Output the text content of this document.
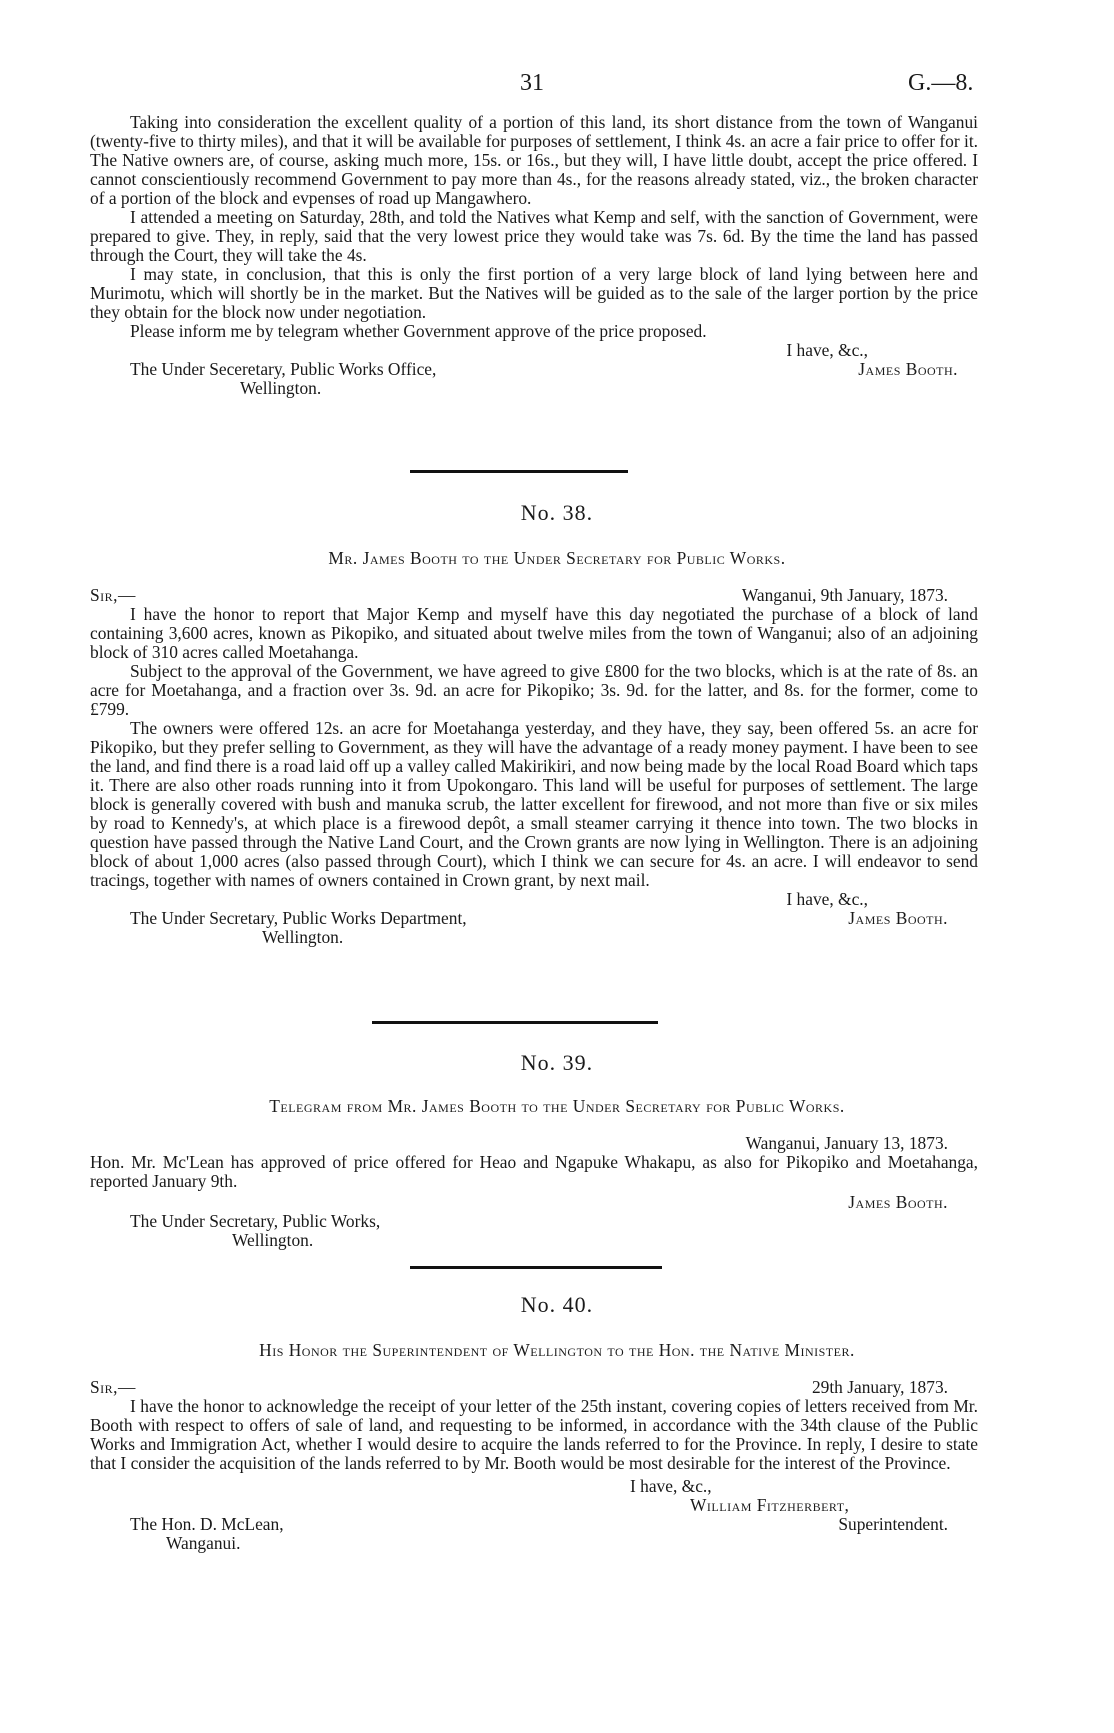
31	G.—8.

Taking into consideration the excellent quality of a portion of this land, its short distance from the town of Wanganui (twenty-five to thirty miles), and that it will be available for purposes of settlement, I think 4s. an acre a fair price to offer for it. The Native owners are, of course, asking much more, 15s. or 16s., but they will, I have little doubt, accept the price offered. I cannot conscientiously recommend Government to pay more than 4s., for the reasons already stated, viz., the broken character of a portion of the block and evpenses of road up Mangawhero.

I attended a meeting on Saturday, 28th, and told the Natives what Kemp and self, with the sanction of Government, were prepared to give. They, in reply, said that the very lowest price they would take was 7s. 6d. By the time the land has passed through the Court, they will take the 4s.

I may state, in conclusion, that this is only the first portion of a very large block of land lying between here and Murimotu, which will shortly be in the market. But the Natives will be guided as to the sale of the larger portion by the price they obtain for the block now under negotiation.

Please inform me by telegram whether Government approve of the price proposed.

I have, &c.,
The Under Seceretary, Public Works Office,
Wellington.
James Booth.
No. 38.
Mr. James Booth to the Under Secretary for Public Works.
Sir,—	Wanganui, 9th January, 1873.

I have the honor to report that Major Kemp and myself have this day negotiated the purchase of a block of land containing 3,600 acres, known as Pikopiko, and situated about twelve miles from the town of Wanganui; also of an adjoining block of 310 acres called Moetahanga.

Subject to the approval of the Government, we have agreed to give £800 for the two blocks, which is at the rate of 8s. an acre for Moetahanga, and a fraction over 3s. 9d. an acre for Pikopiko; 3s. 9d. for the latter, and 8s. for the former, come to £799.

The owners were offered 12s. an acre for Moetahanga yesterday, and they have, they say, been offered 5s. an acre for Pikopiko, but they prefer selling to Government, as they will have the advantage of a ready money payment. I have been to see the land, and find there is a road laid off up a valley called Makirikiri, and now being made by the local Road Board which taps it. There are also other roads running into it from Upokongaro. This land will be useful for purposes of settlement. The large block is generally covered with bush and manuka scrub, the latter excellent for firewood, and not more than five or six miles by road to Kennedy's, at which place is a firewood depôt, a small steamer carrying it thence into town. The two blocks in question have passed through the Native Land Court, and the Crown grants are now lying in Wellington. There is an adjoining block of about 1,000 acres (also passed through Court), which I think we can secure for 4s. an acre. I will endeavor to send tracings, together with names of owners contained in Crown grant, by next mail.

I have, &c.,
The Under Secretary, Public Works Department,
Wellington.
James Booth.
No. 39.
Telegram from Mr. James Booth to the Under Secretary for Public Works.
Wanganui, January 13, 1873.

Hon. Mr. Mc'Lean has approved of price offered for Heao and Ngapuke Whakapu, as also for Pikopiko and Moetahanga, reported January 9th.

James Booth.
The Under Secretary, Public Works,
Wellington.
No. 40.
His Honor the Superintendent of Wellington to the Hon. the Native Minister.
Sir,—	29th January, 1873.

I have the honor to acknowledge the receipt of your letter of the 25th instant, covering copies of letters received from Mr. Booth with respect to offers of sale of land, and requesting to be informed, in accordance with the 34th clause of the Public Works and Immigration Act, whether I would desire to acquire the lands referred to for the Province. In reply, I desire to state that I consider the acquisition of the lands referred to by Mr. Booth would be most desirable for the interest of the Province.

I have, &c.,
William Fitzherbert,
Superintendent.
The Hon. D. McLean,
Wanganui.
